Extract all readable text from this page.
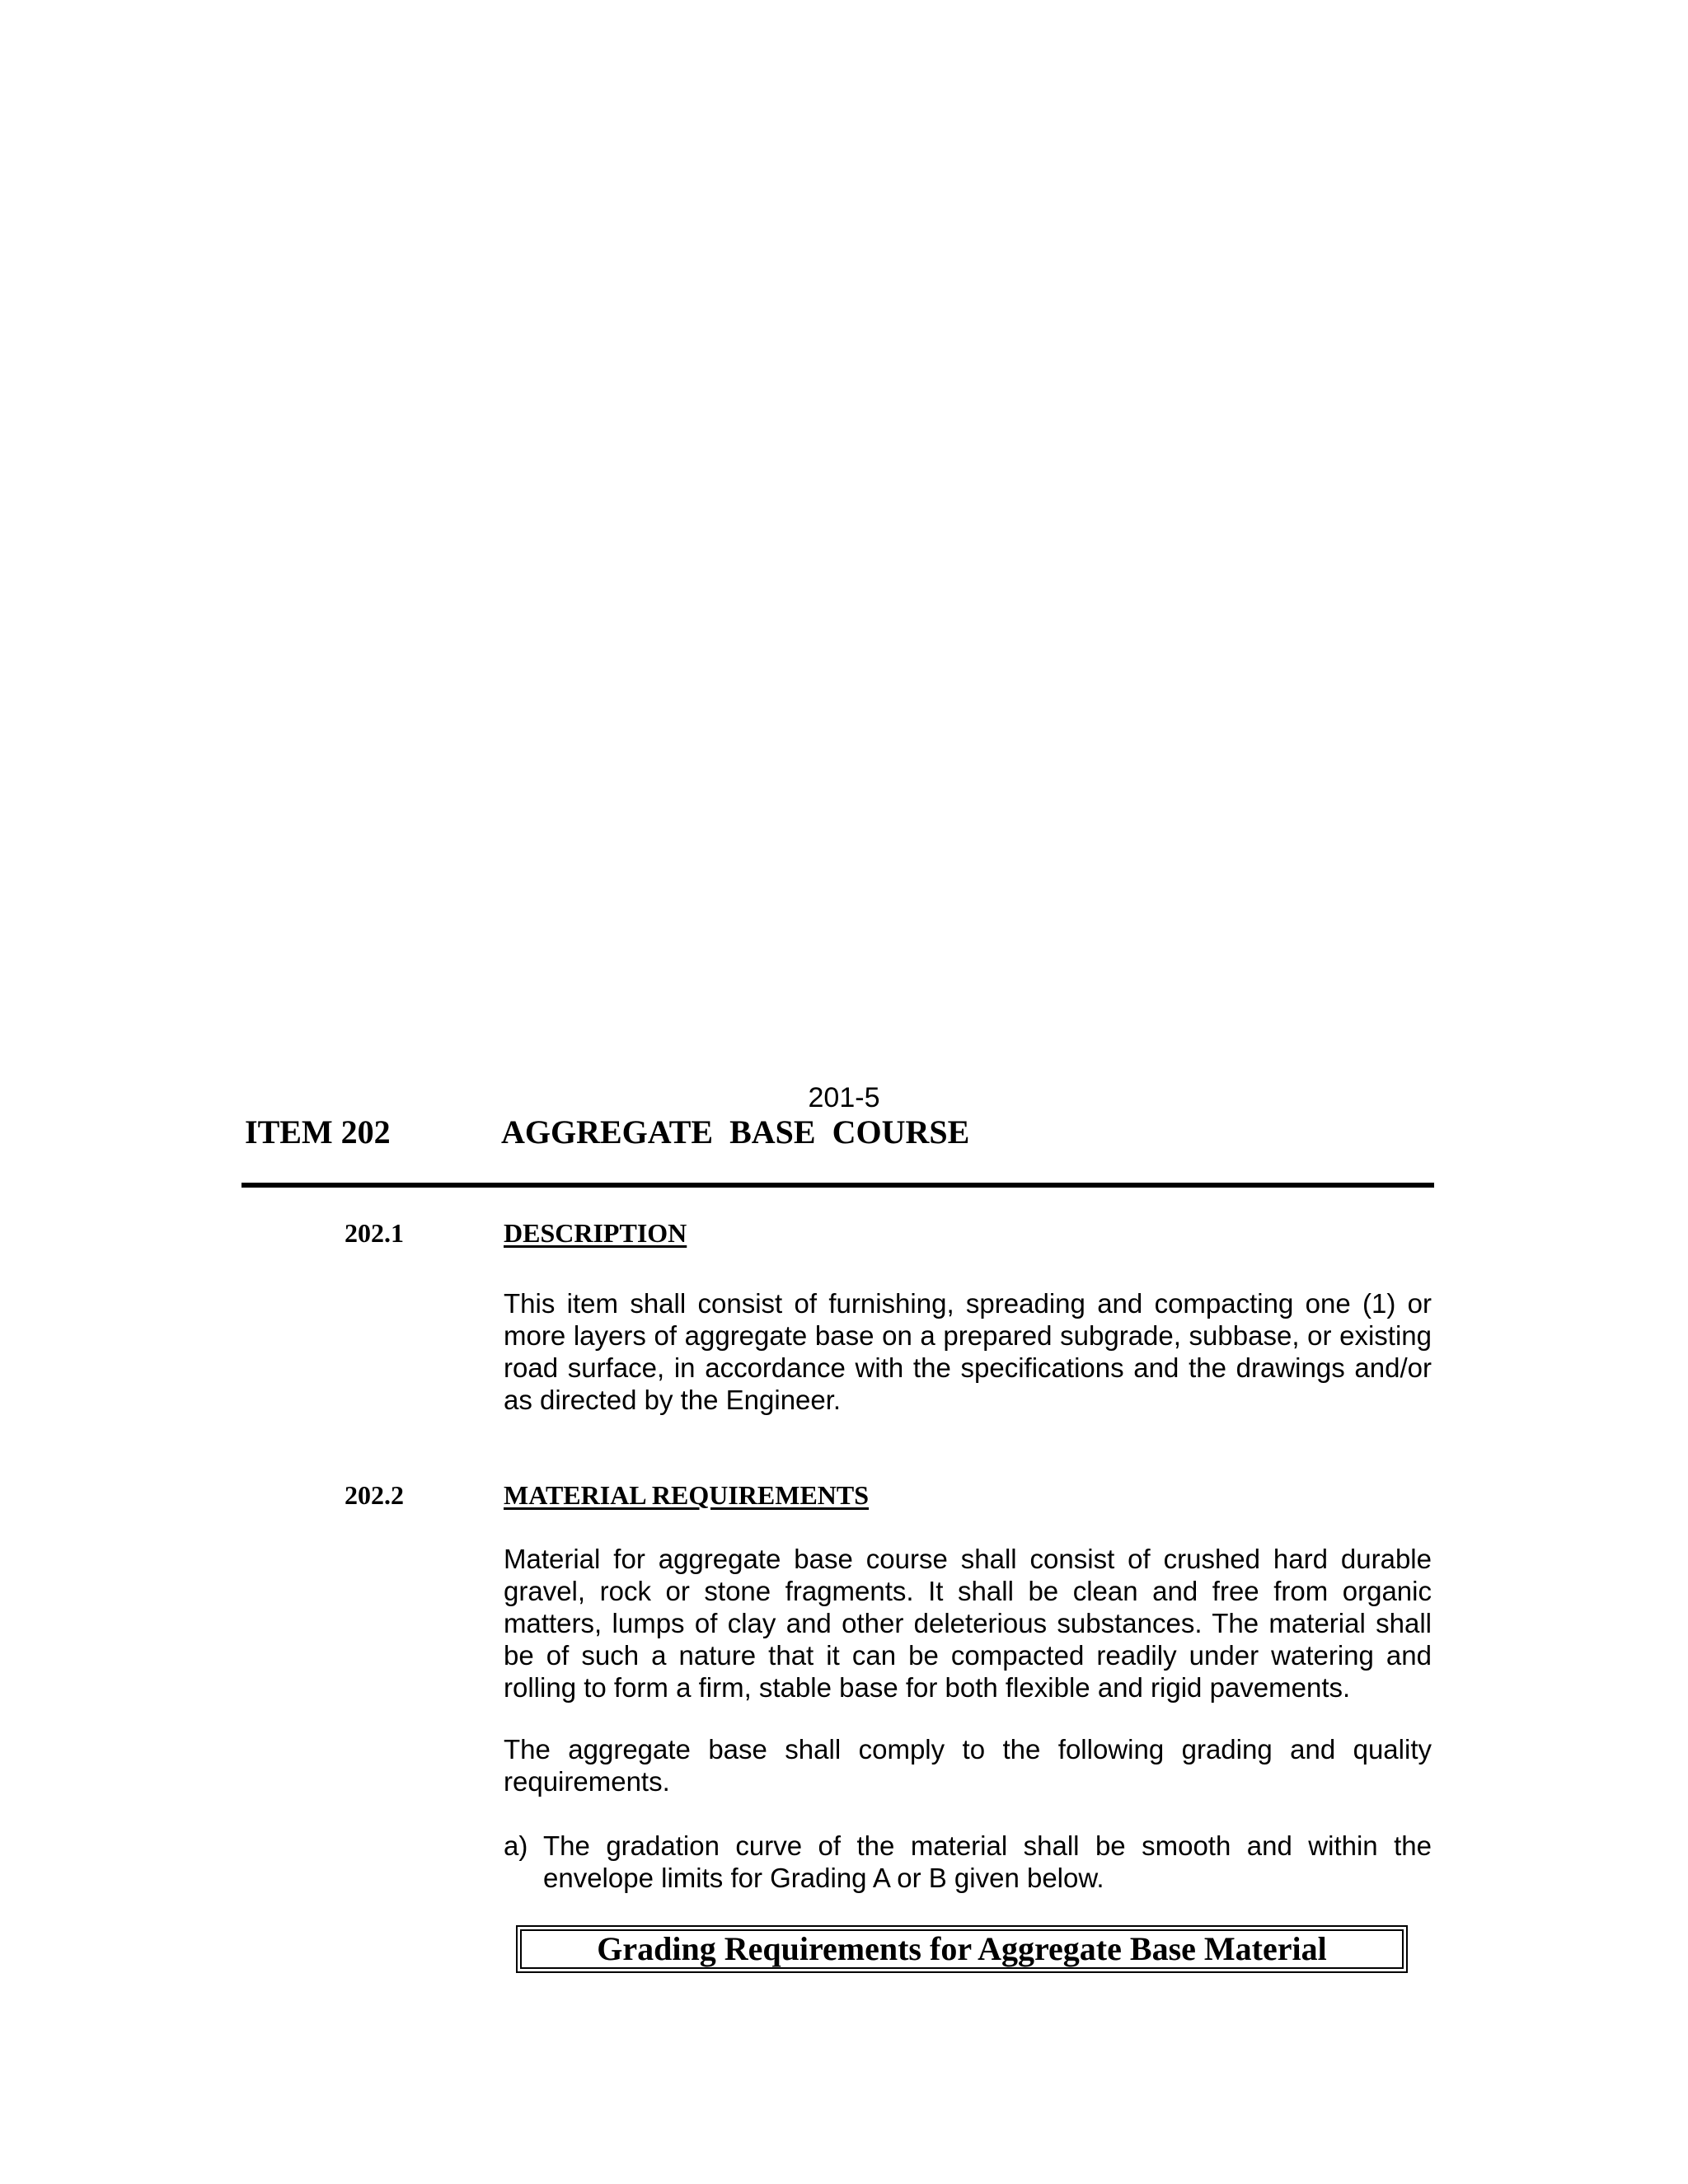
201-5
ITEM 202	AGGREGATE BASE COURSE
202.1	DESCRIPTION

This item shall consist of furnishing, spreading and compacting one (1) or more layers of aggregate base on a prepared subgrade, subbase, or existing road surface, in accordance with the specifications and the drawings and/or as directed by the Engineer.

202.2	MATERIAL REQUIREMENTS

Material for aggregate base course shall consist of crushed hard durable gravel, rock or stone fragments. It shall be clean and free from organic matters, lumps of clay and other deleterious substances. The material shall be of such a nature that it can be compacted readily under watering and rolling to form a firm, stable base for both flexible and rigid pavements.

The aggregate base shall comply to the following grading and quality requirements.

a) The gradation curve of the material shall be smooth and within the envelope limits for Grading A or B given below.

Grading Requirements for Aggregate Base Material
